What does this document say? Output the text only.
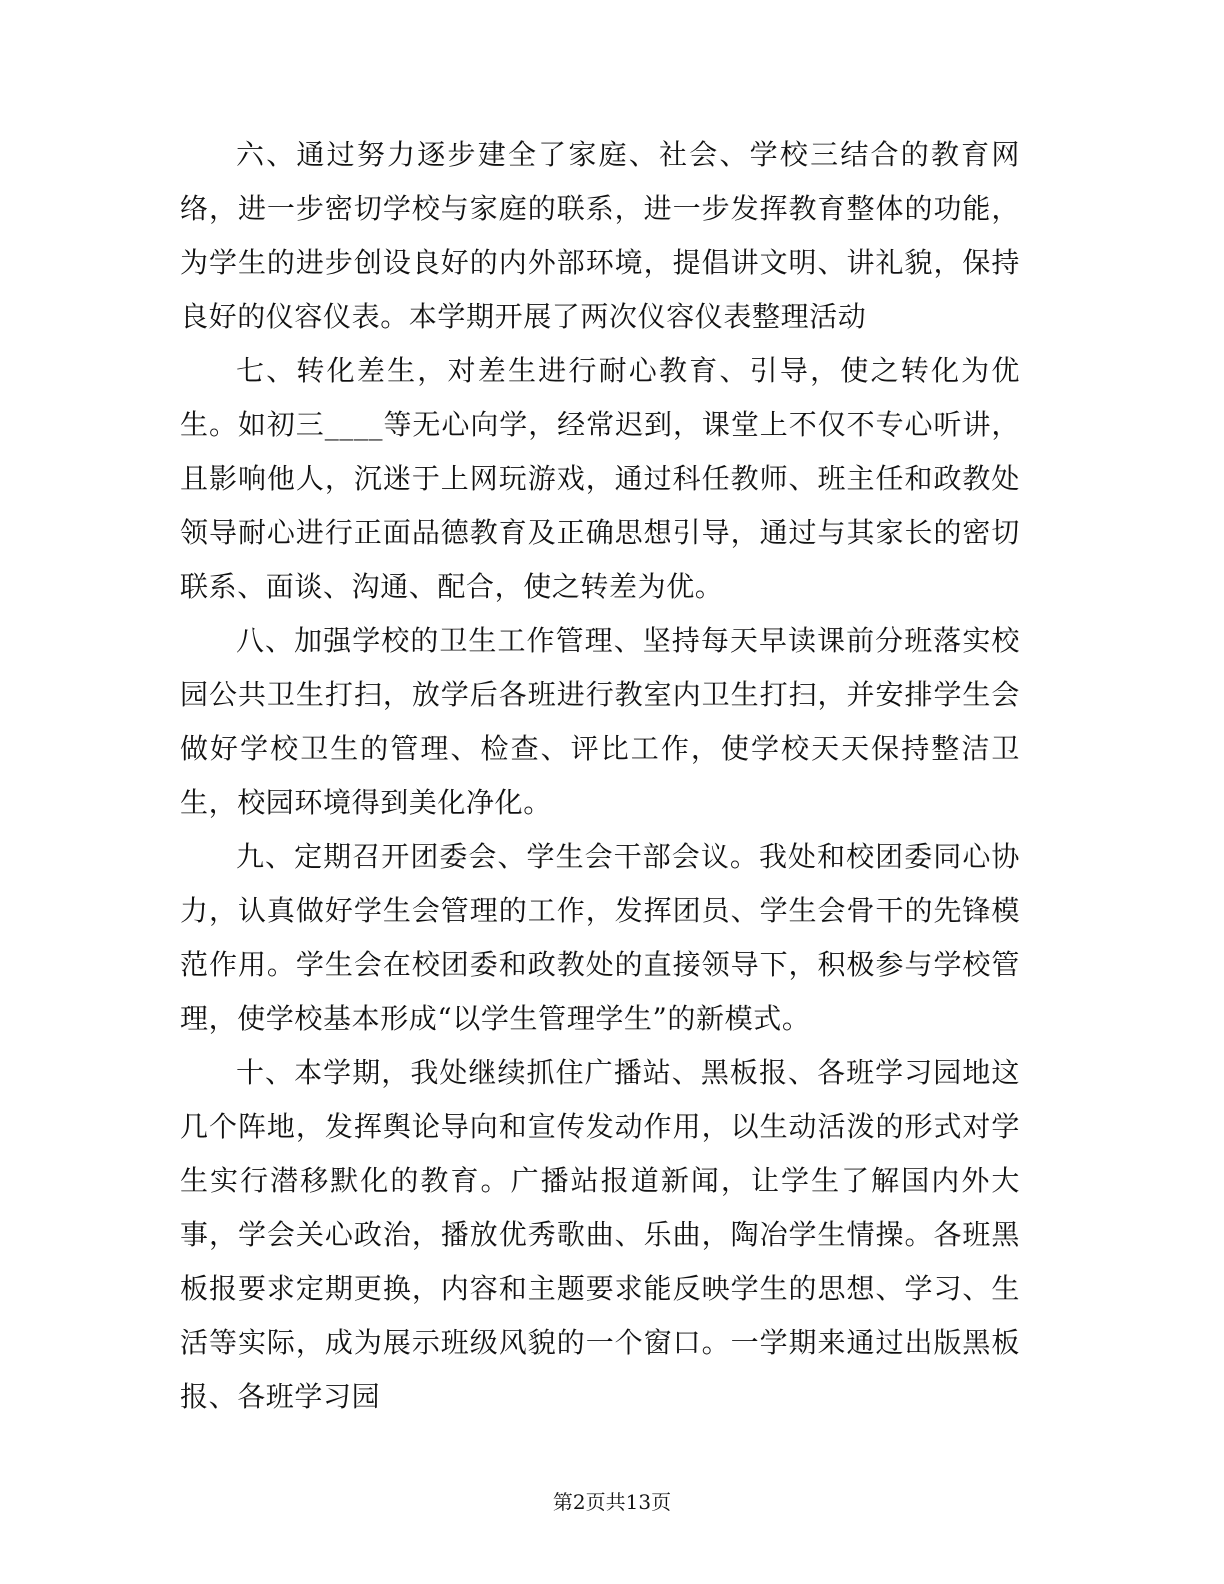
六、通过努力逐步建全了家庭、社会、学校三结合的教育网络，进一步密切学校与家庭的联系，进一步发挥教育整体的功能，为学生的进步创设良好的内外部环境，提倡讲文明、讲礼貌，保持良好的仪容仪表。本学期开展了两次仪容仪表整理活动

七、转化差生，对差生进行耐心教育、引导，使之转化为优生。如初三____等无心向学，经常迟到，课堂上不仅不专心听讲，且影响他人，沉迷于上网玩游戏，通过科任教师、班主任和政教处领导耐心进行正面品德教育及正确思想引导，通过与其家长的密切联系、面谈、沟通、配合，使之转差为优。

八、加强学校的卫生工作管理、坚持每天早读课前分班落实校园公共卫生打扫，放学后各班进行教室内卫生打扫，并安排学生会做好学校卫生的管理、检查、评比工作，使学校天天保持整洁卫生，校园环境得到美化净化。

九、定期召开团委会、学生会干部会议。我处和校团委同心协力，认真做好学生会管理的工作，发挥团员、学生会骨干的先锋模范作用。学生会在校团委和政教处的直接领导下，积极参与学校管理，使学校基本形成“以学生管理学生”的新模式。

十、本学期，我处继续抓住广播站、黑板报、各班学习园地这几个阵地，发挥舆论导向和宣传发动作用，以生动活泼的形式对学生实行潜移默化的教育。广播站报道新闻，让学生了解国内外大事，学会关心政治，播放优秀歌曲、乐曲，陶冶学生情操。各班黑板报要求定期更换，内容和主题要求能反映学生的思想、学习、生活等实际，成为展示班级风貌的一个窗口。一学期来通过出版黑板报、各班学习园

第2页共13页
